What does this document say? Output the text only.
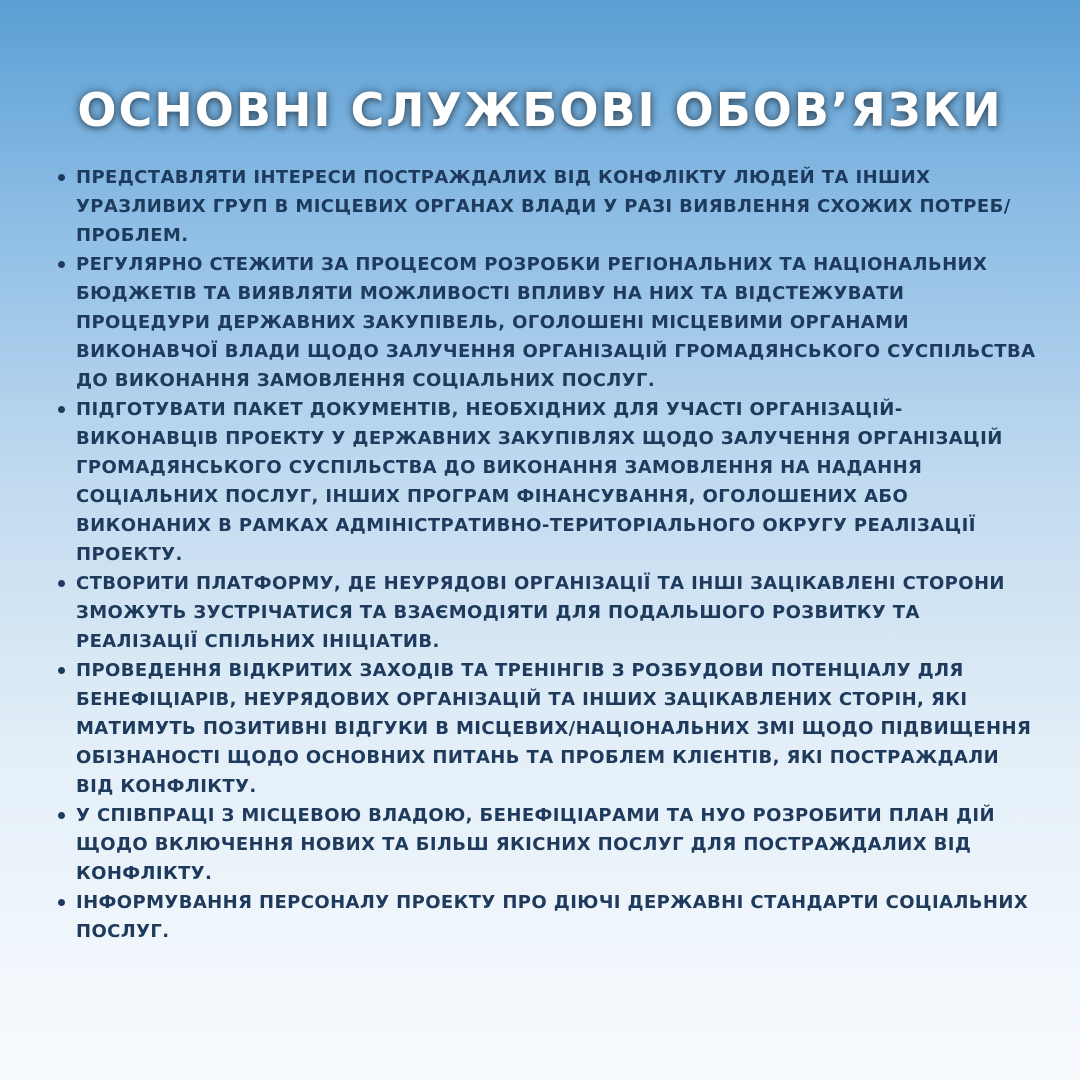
ОСНОВНІ СЛУЖБОВІ ОБОВ’ЯЗКИ
ПРЕДСТАВЛЯТИ ІНТЕРЕСИ ПОСТРАЖДАЛИХ ВІД КОНФЛІКТУ ЛЮДЕЙ ТА ІНШИХ УРАЗЛИВИХ ГРУП В МІСЦЕВИХ ОРГАНАХ ВЛАДИ У РАЗІ ВИЯВЛЕННЯ СХОЖИХ ПОТРЕБ/ПРОБЛЕМ.
РЕГУЛЯРНО СТЕЖИТИ ЗА ПРОЦЕСОМ РОЗРОБКИ РЕГІОНАЛЬНИХ ТА НАЦІОНАЛЬНИХ БЮДЖЕТІВ ТА ВИЯВЛЯТИ МОЖЛИВОСТІ ВПЛИВУ НА НИХ ТА ВІДСТЕЖУВАТИ ПРОЦЕДУРИ ДЕРЖАВНИХ ЗАКУПІВЕЛЬ, ОГОЛОШЕНІ МІСЦЕВИМИ ОРГАНАМИ ВИКОНАВЧОЇ ВЛАДИ ЩОДО ЗАЛУЧЕННЯ ОРГАНІЗАЦІЙ ГРОМАДЯНСЬКОГО СУСПІЛЬСТВА ДО ВИКОНАННЯ ЗАМОВЛЕННЯ СОЦІАЛЬНИХ ПОСЛУГ.
ПІДГОТУВАТИ ПАКЕТ ДОКУМЕНТІВ, НЕОБХІДНИХ ДЛЯ УЧАСТІ ОРГАНІЗАЦІЙ-ВИКОНАВЦІВ ПРОЕКТУ У ДЕРЖАВНИХ ЗАКУПІВЛЯХ ЩОДО ЗАЛУЧЕННЯ ОРГАНІЗАЦІЙ ГРОМАДЯНСЬКОГО СУСПІЛЬСТВА ДО ВИКОНАННЯ ЗАМОВЛЕННЯ НА НАДАННЯ СОЦІАЛЬНИХ ПОСЛУГ, ІНШИХ ПРОГРАМ ФІНАНСУВАННЯ, ОГОЛОШЕНИХ АБО ВИКОНАНИХ В РАМКАХ АДМІНІСТРАТИВНО-ТЕРИТОРІАЛЬНОГО ОКРУГУ РЕАЛІЗАЦІЇ ПРОЕКТУ.
СТВОРИТИ ПЛАТФОРМУ, ДЕ НЕУРЯДОВІ ОРГАНІЗАЦІЇ ТА ІНШІ ЗАЦІКАВЛЕНІ СТОРОНИ ЗМОЖУТЬ ЗУСТРІЧАТИСЯ ТА ВЗАЄМОДІЯТИ ДЛЯ ПОДАЛЬШОГО РОЗВИТКУ ТА РЕАЛІЗАЦІЇ СПІЛЬНИХ ІНІЦІАТИВ.
ПРОВЕДЕННЯ ВІДКРИТИХ ЗАХОДІВ ТА ТРЕНІНГІВ З РОЗБУДОВИ ПОТЕНЦІАЛУ ДЛЯ БЕНЕФІЦІАРІВ, НЕУРЯДОВИХ ОРГАНІЗАЦІЙ ТА ІНШИХ ЗАЦІКАВЛЕНИХ СТОРІН, ЯКІ МАТИМУТЬ ПОЗИТИВНІ ВІДГУКИ В МІСЦЕВИХ/НАЦІОНАЛЬНИХ ЗМІ ЩОДО ПІДВИЩЕННЯ ОБІЗНАНОСТІ ЩОДО ОСНОВНИХ ПИТАНЬ ТА ПРОБЛЕМ КЛІЄНТІВ, ЯКІ ПОСТРАЖДАЛИ ВІД КОНФЛІКТУ.
У СПІВПРАЦІ З МІСЦЕВОЮ ВЛАДОЮ, БЕНЕФІЦІАРАМИ ТА НУО РОЗРОБИТИ ПЛАН ДІЙ ЩОДО ВКЛЮЧЕННЯ НОВИХ ТА БІЛЬШ ЯКІСНИХ ПОСЛУГ ДЛЯ ПОСТРАЖДАЛИХ ВІД КОНФЛІКТУ.
ІНФОРМУВАННЯ ПЕРСОНАЛУ ПРОЕКТУ ПРО ДІЮЧІ ДЕРЖАВНІ СТАНДАРТИ СОЦІАЛЬНИХ ПОСЛУГ.
